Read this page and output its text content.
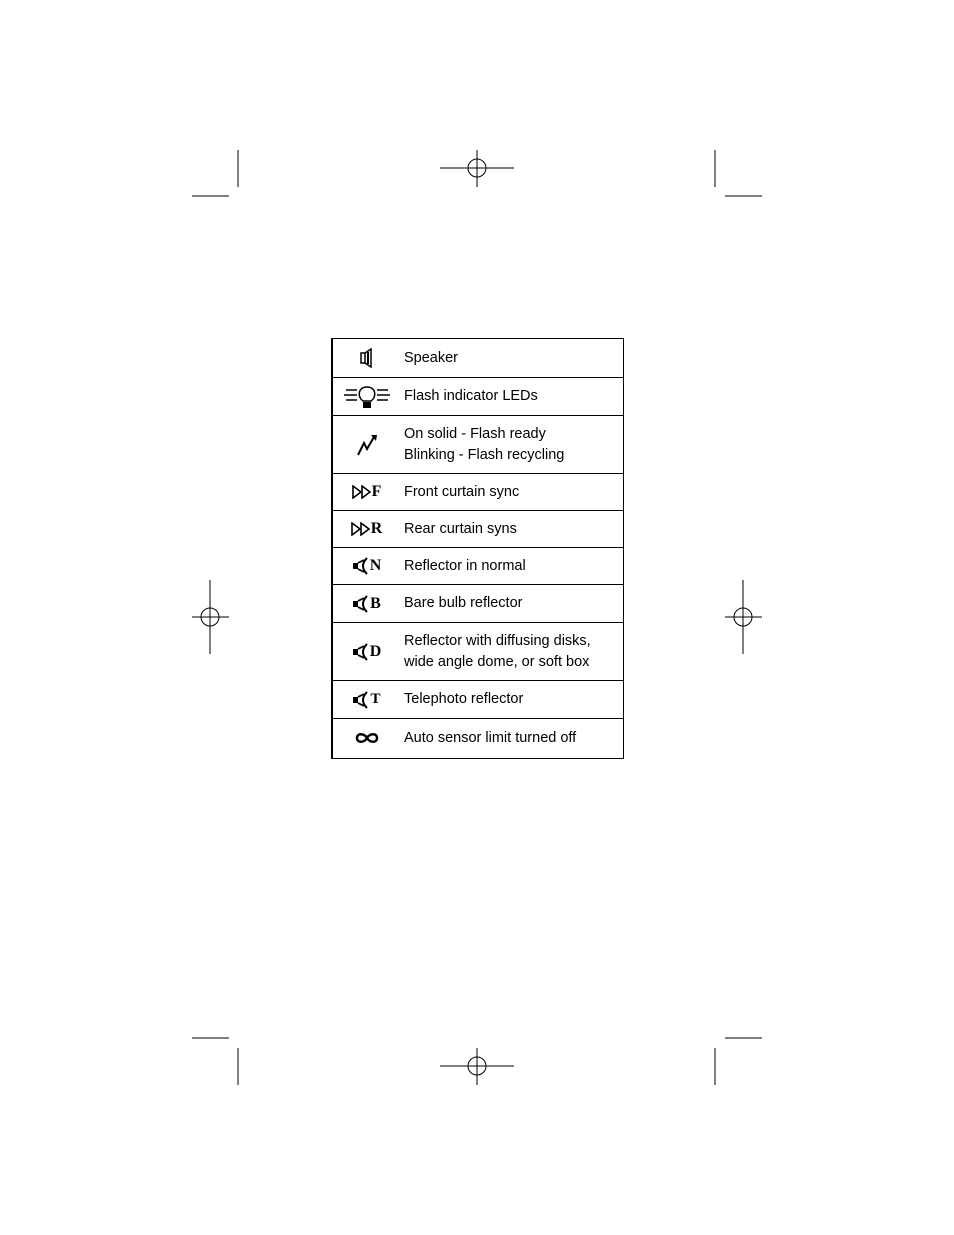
Speaker
Flash indicator LEDs
On solid - Flash ready
Blinking - Flash recycling
F Front curtain sync
R Rear curtain syns
N Reflector in normal
B Bare bulb reflector
D
Reflector with diffusing disks,
wide angle dome, or soft box
T Telephoto reflector
Auto sensor limit turned off
